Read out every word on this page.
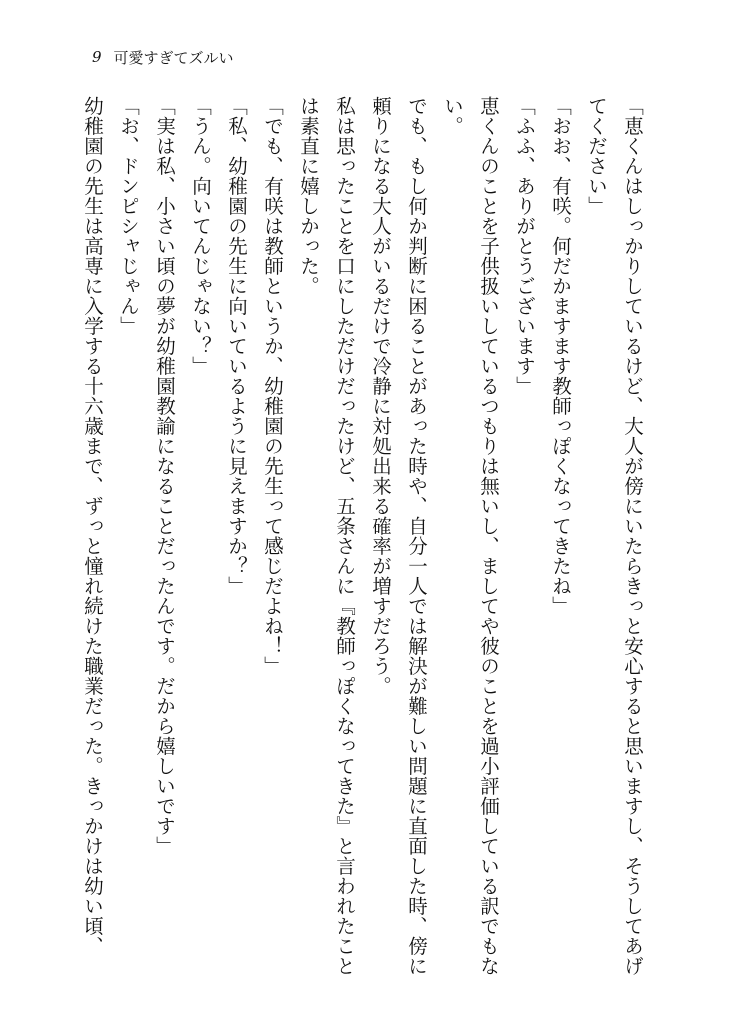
9 可愛すぎてズルい

「恵くんはしっかりしているけど、大人が傍にいたらきっと安心すると思いますし、そうしてあげてください」

「おお、有咲。何だかますます教師っぽくなってきたね」

「ふふ、ありがとうございます」

恵くんのことを子供扱いしているつもりは無いし、ましてや彼のことを過小評価している訳でもない。

でも、もし何か判断に困ることがあった時や、自分一人では解決が難しい問題に直面した時、傍に頼りになる大人がいるだけで冷静に対処出来る確率が増すだろう。

私は思ったことを口にしただけだったけど、五条さんに『教師っぽくなってきた』と言われたことは素直に嬉しかった。

「でも、有咲は教師というか、幼稚園の先生って感じだよね！」

「私、幼稚園の先生に向いているように見えますか？」

「うん。向いてんじゃない？」

「実は私、小さい頃の夢が幼稚園教諭になることだったんです。だから嬉しいです」

「お、ドンピシャじゃん」

幼稚園の先生は高専に入学する十六歳まで、ずっと憧れ続けた職業だった。きっかけは幼い頃、
